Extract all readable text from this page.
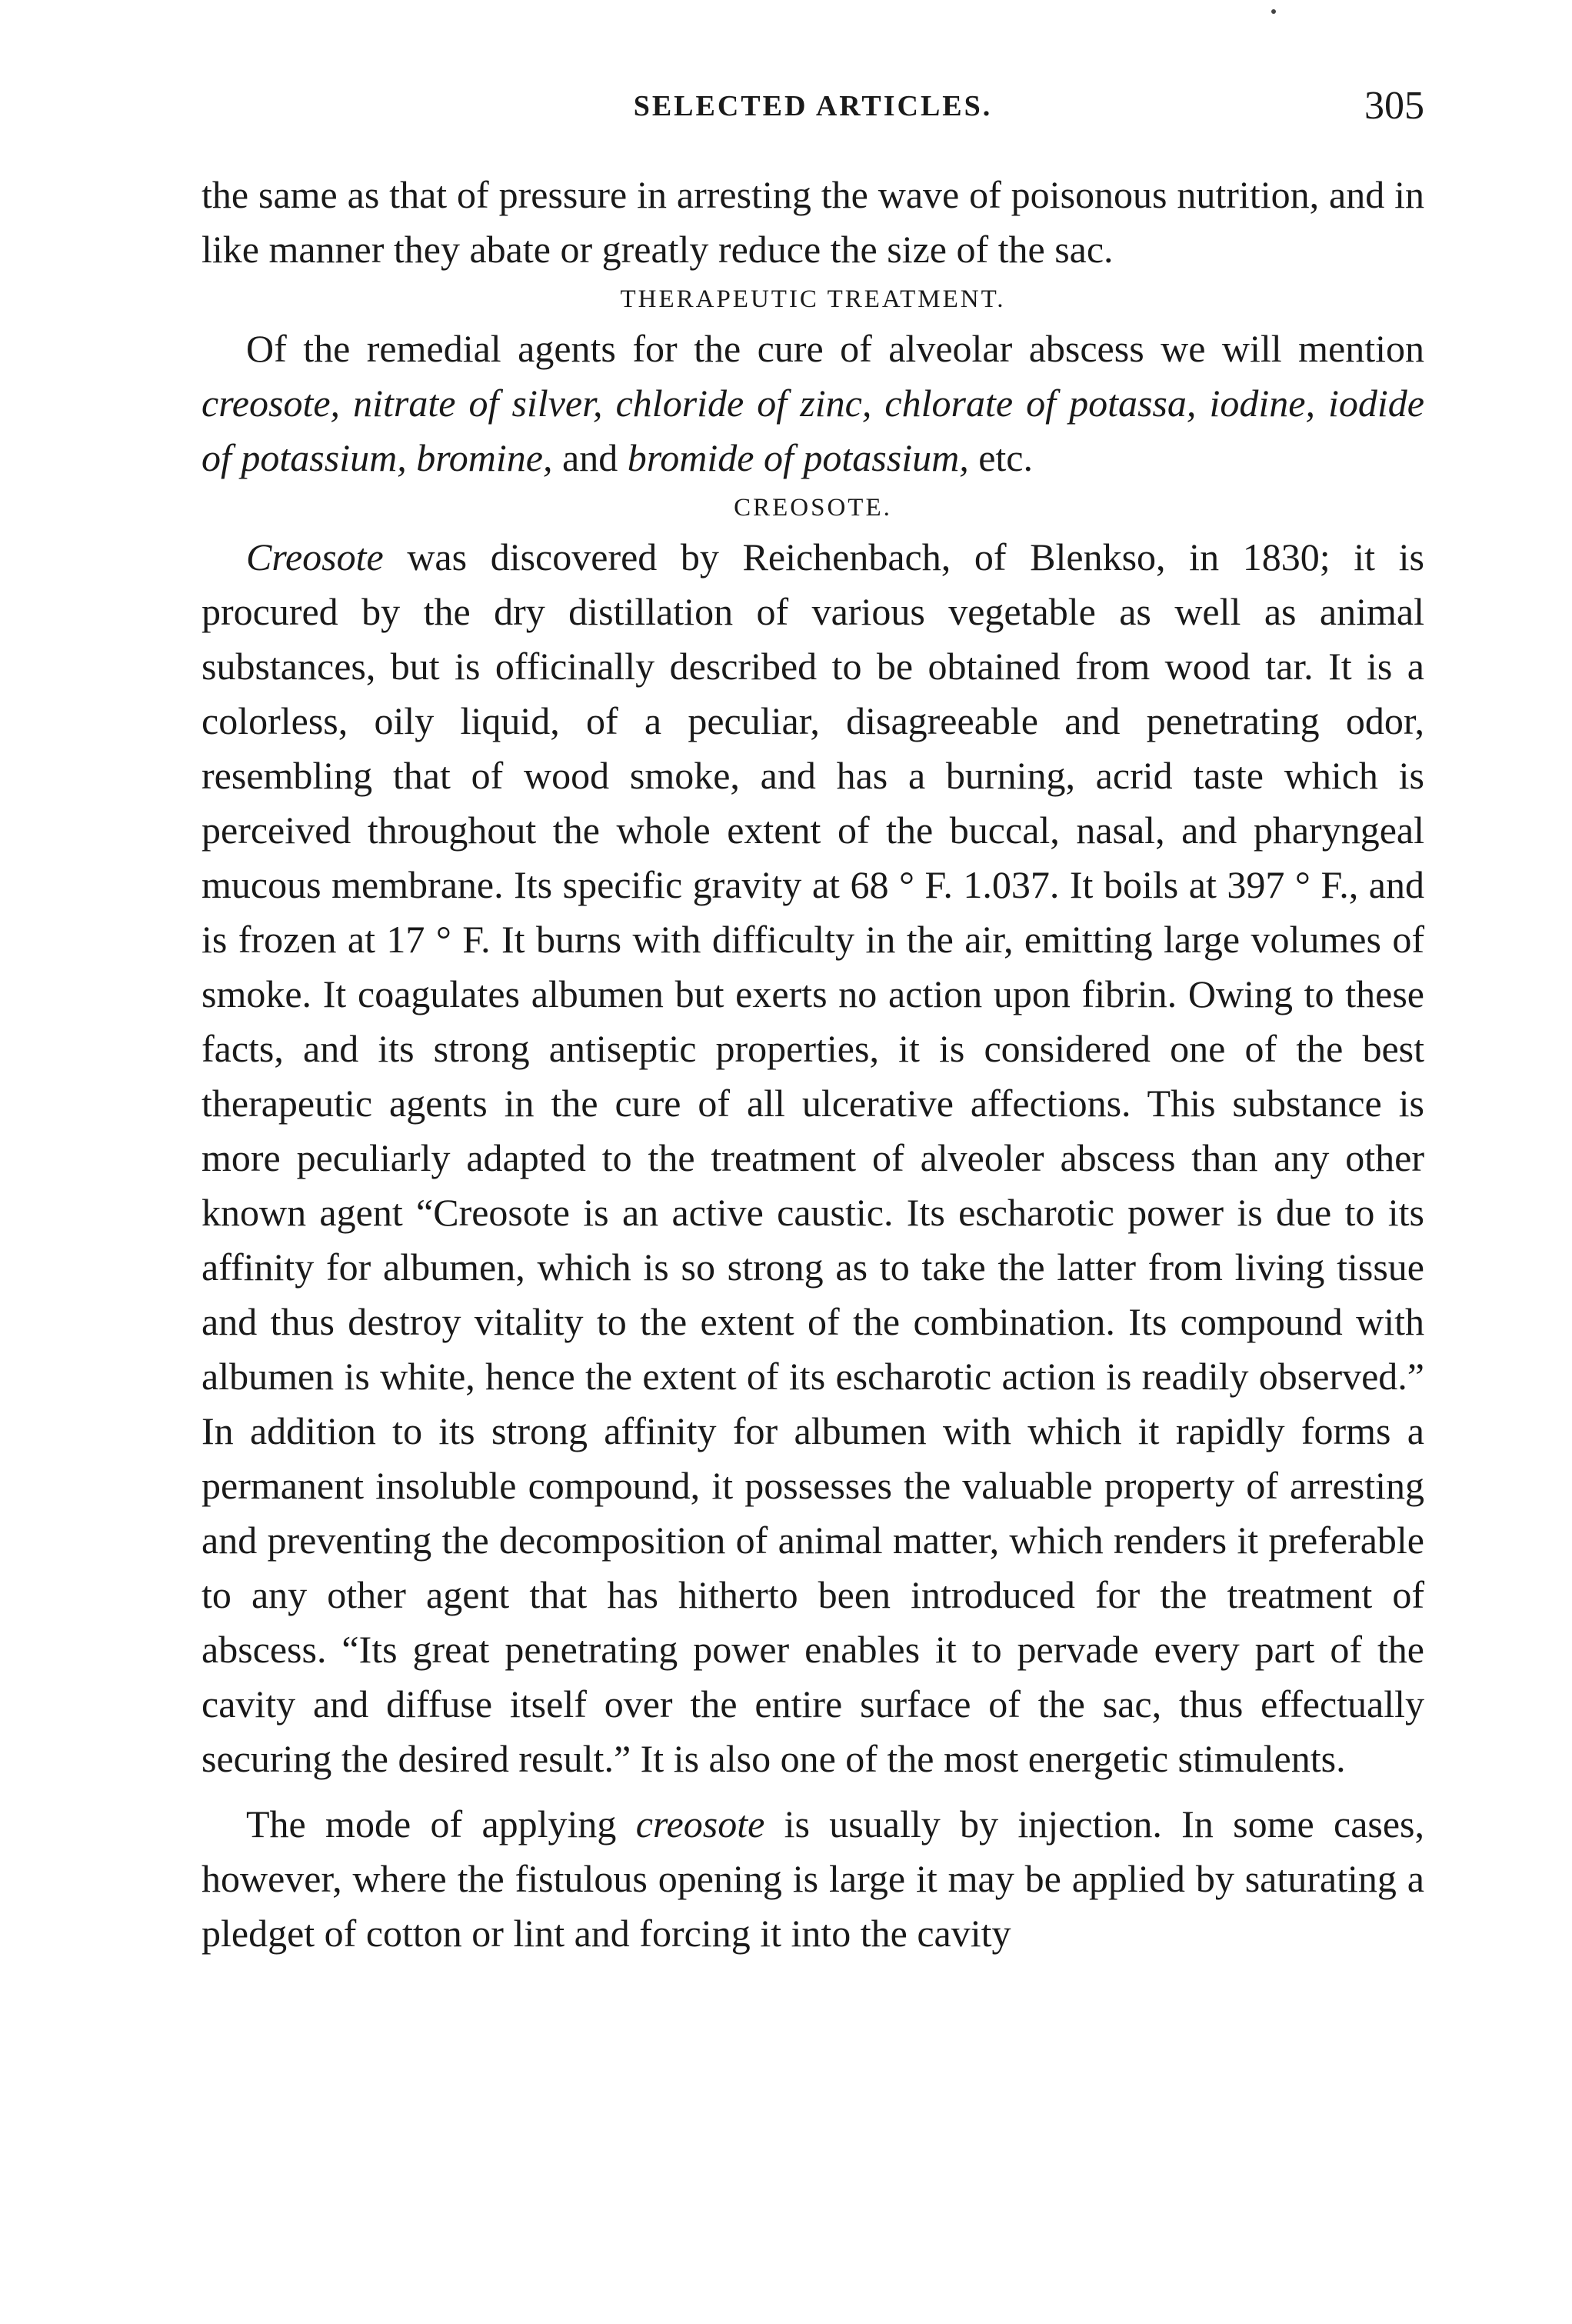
SELECTED ARTICLES.	305

the same as that of pressure in arresting the wave of poisonous nutrition, and in like manner they abate or greatly reduce the size of the sac.

THERAPEUTIC TREATMENT.

Of the remedial agents for the cure of alveolar abscess we will mention creosote, nitrate of silver, chloride of zinc, chlorate of potassa, iodine, iodide of potassium, bromine, and bromide of potassium, etc.

CREOSOTE.

Creosote was discovered by Reichenbach, of Blenkso, in 1830; it is procured by the dry distillation of various vegetable as well as animal substances, but is officinally described to be obtained from wood tar. It is a colorless, oily liquid, of a peculiar, disagreeable and penetrating odor, resembling that of wood smoke, and has a burning, acrid taste which is perceived throughout the whole extent of the buccal, nasal, and pharyngeal mucous membrane. Its specific gravity at 68 ° F. 1.037. It boils at 397 ° F., and is frozen at 17 ° F. It burns with difficulty in the air, emitting large volumes of smoke. It coagulates albumen but exerts no action upon fibrin. Owing to these facts, and its strong antiseptic properties, it is considered one of the best therapeutic agents in the cure of all ulcerative affections. This substance is more peculiarly adapted to the treatment of alveoler abscess than any other known agent “Creosote is an active caustic. Its escharotic power is due to its affinity for albumen, which is so strong as to take the latter from living tissue and thus destroy vitality to the extent of the combination. Its compound with albumen is white, hence the extent of its escharotic action is readily observed.” In addition to its strong affinity for albumen with which it rapidly forms a permanent insoluble compound, it possesses the valuable property of arresting and preventing the decomposition of animal matter, which renders it preferable to any other agent that has hitherto been introduced for the treatment of abscess. “Its great penetrating power enables it to pervade every part of the cavity and diffuse itself over the entire surface of the sac, thus effectually securing the desired result.” It is also one of the most energetic stimulents.

The mode of applying creosote is usually by injection. In some cases, however, where the fistulous opening is large it may be applied by saturating a pledget of cotton or lint and forcing it into the cavity
